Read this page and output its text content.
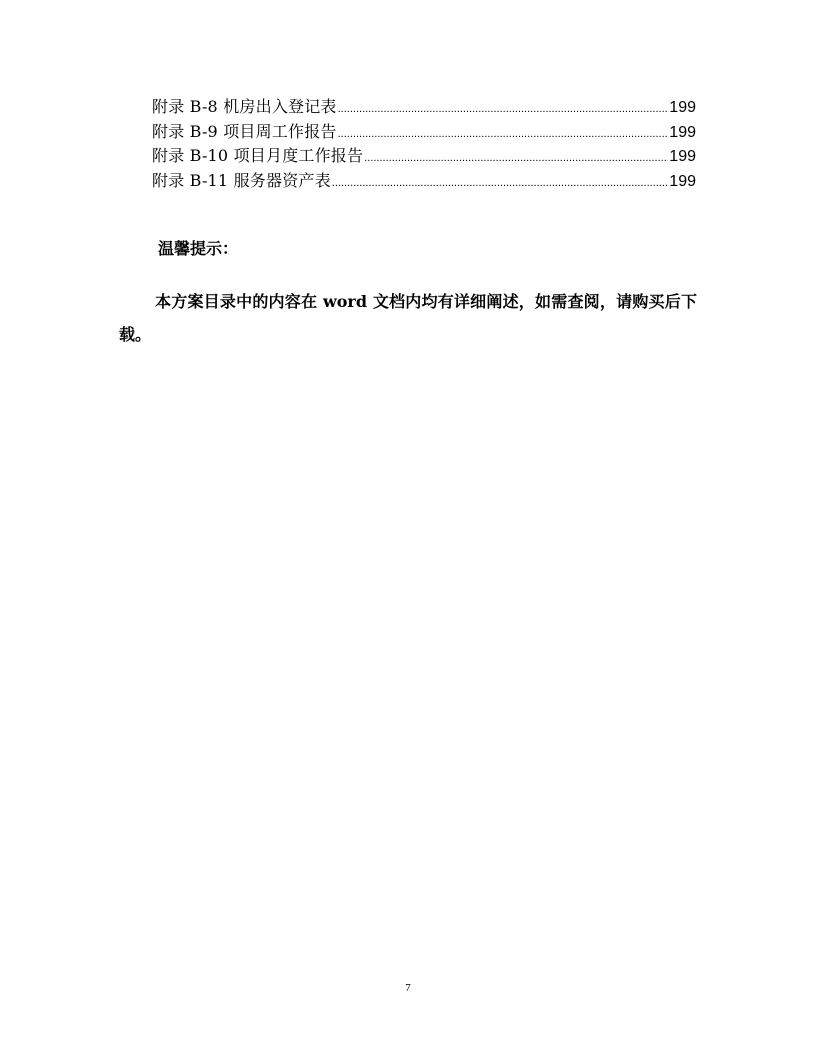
附录 B-8 机房出入登记表 .....	199
附录 B-9 项目周工作报告 .....	199
附录 B-10 项目月度工作报告 .....	199
附录 B-11 服务器资产表 .....	199
温馨提示：

本方案目录中的内容在 word 文档内均有详细阐述，如需查阅，请购买后下载。

7
